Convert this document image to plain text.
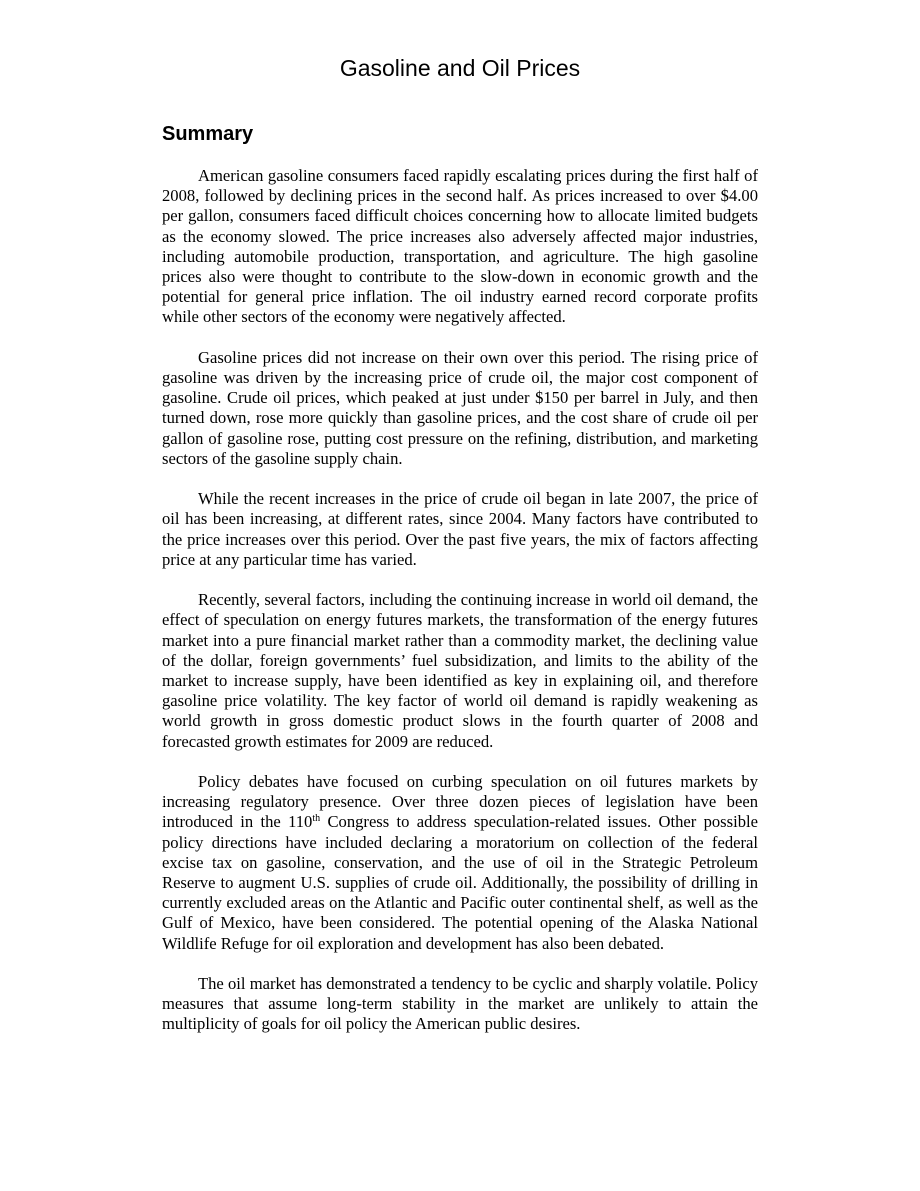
Gasoline and Oil Prices
Summary

American gasoline consumers faced rapidly escalating prices during the first half of 2008, followed by declining prices in the second half. As prices increased to over $4.00 per gallon, consumers faced difficult choices concerning how to allocate limited budgets as the economy slowed. The price increases also adversely affected major industries, including automobile production, transportation, and agriculture. The high gasoline prices also were thought to contribute to the slow-down in economic growth and the potential for general price inflation. The oil industry earned record corporate profits while other sectors of the economy were negatively affected.

Gasoline prices did not increase on their own over this period. The rising price of gasoline was driven by the increasing price of crude oil, the major cost component of gasoline. Crude oil prices, which peaked at just under $150 per barrel in July, and then turned down, rose more quickly than gasoline prices, and the cost share of crude oil per gallon of gasoline rose, putting cost pressure on the refining, distribution, and marketing sectors of the gasoline supply chain.

While the recent increases in the price of crude oil began in late 2007, the price of oil has been increasing, at different rates, since 2004. Many factors have contributed to the price increases over this period. Over the past five years, the mix of factors affecting price at any particular time has varied.

Recently, several factors, including the continuing increase in world oil demand, the effect of speculation on energy futures markets, the transformation of the energy futures market into a pure financial market rather than a commodity market, the declining value of the dollar, foreign governments’ fuel subsidization, and limits to the ability of the market to increase supply, have been identified as key in explaining oil, and therefore gasoline price volatility. The key factor of world oil demand is rapidly weakening as world growth in gross domestic product slows in the fourth quarter of 2008 and forecasted growth estimates for 2009 are reduced.

Policy debates have focused on curbing speculation on oil futures markets by increasing regulatory presence. Over three dozen pieces of legislation have been introduced in the 110th Congress to address speculation-related issues. Other possible policy directions have included declaring a moratorium on collection of the federal excise tax on gasoline, conservation, and the use of oil in the Strategic Petroleum Reserve to augment U.S. supplies of crude oil. Additionally, the possibility of drilling in currently excluded areas on the Atlantic and Pacific outer continental shelf, as well as the Gulf of Mexico, have been considered. The potential opening of the Alaska National Wildlife Refuge for oil exploration and development has also been debated.

The oil market has demonstrated a tendency to be cyclic and sharply volatile. Policy measures that assume long-term stability in the market are unlikely to attain the multiplicity of goals for oil policy the American public desires.
